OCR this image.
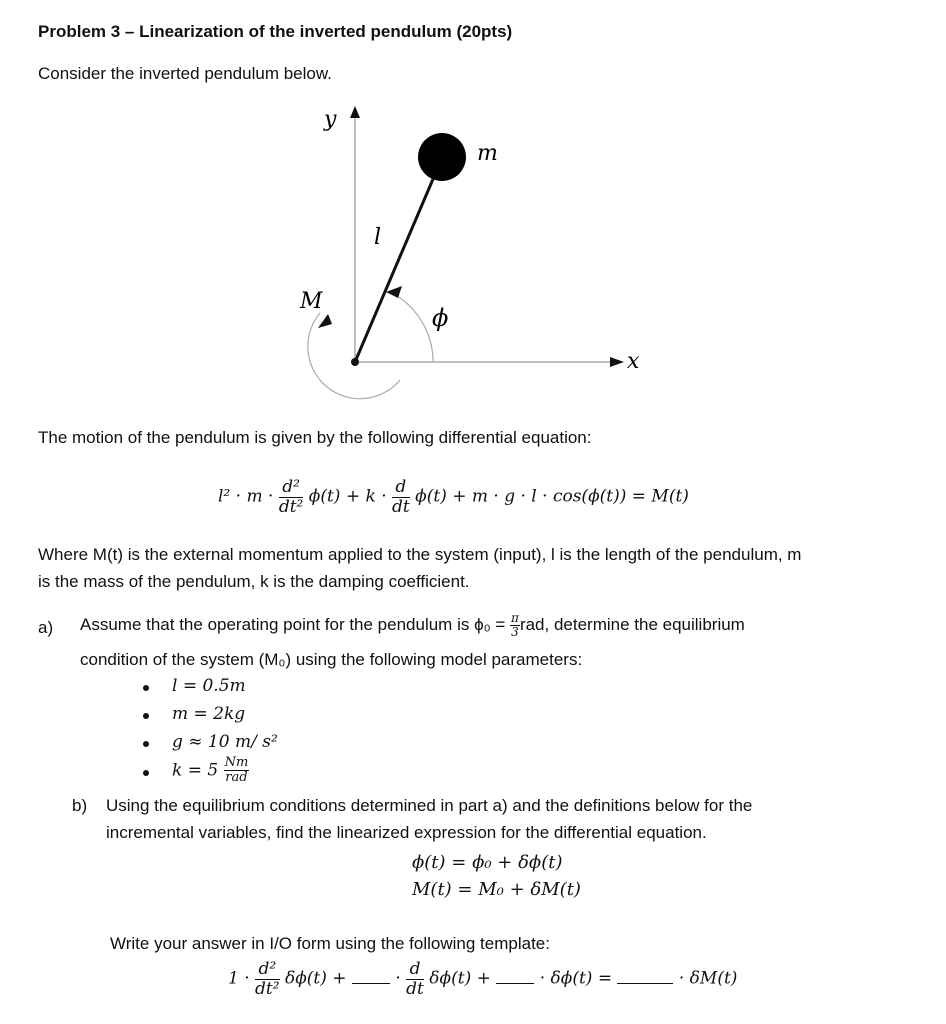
Problem 3 – Linearization of the inverted pendulum (20pts)
Consider the inverted pendulum below.
y
x
m
l
M
ϕ
The motion of the pendulum is given by the following differential equation:
$l^2 \cdot m \cdot \frac{\text{d²}}{\text{dt²}} \phi(t) + k \cdot \frac{d}{dt} \phi(t) + m \cdot g \cdot l \cdot \cos(\phi(t)) = M(t)$
Where M(t) is the external momentum applied to the system (input), l is the length of the pendulum, m
is the mass of the pendulum, k is the damping coefficient.
a) Assume that the operating point for the pendulum is $\phi_0 = \frac{\pi}{3}$ rad, determine the equilibrium
condition of the system (M₀) using the following model parameters:
l = 0.5m
m = 2kg
g ≈ 10 m/ s²
$k = 5 \frac{Nm}{\text{rad}}$
b) Using the equilibrium conditions determined in part a) and the definitions below for the
incremental variables, find the linearized expression for the differential equation.
ϕ(t) = ϕ₀ + δϕ(t)
M(t) = M₀ + δM(t)
Write your answer in I/O form using the following template:
$1 \cdot \frac{\text{d²}}{\text{dt²}} \delta\phi(t)$ +	· $\frac{d}{dt} \delta\phi(t)$ +	· δϕ(t) =	· δM(t)
